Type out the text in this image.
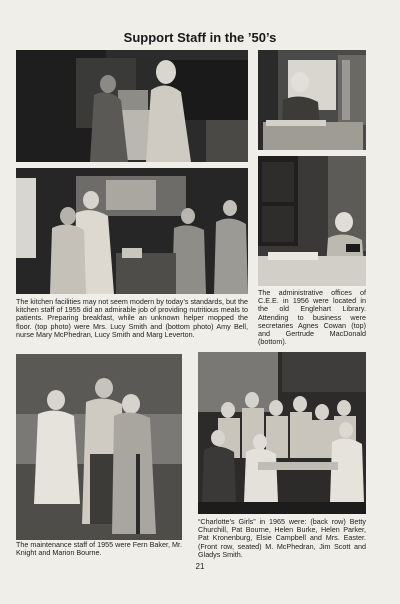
Support Staff in the ’50’s
The kitchen facilities may not seem modern by today’s standards, but the kitchen staff of 1955 did an admirable job of providing nutritious meals to patients. Preparing breakfast, while an unknown helper mopped the floor. (top photo) were Mrs. Lucy Smith and (bottom photo) Amy Bell, nurse Mary McPhedran, Lucy Smith and Marg Leverton.
The administrative offices of C.E.E. in 1956 were located in the old Englehart Library. Attending to business were secretaries Agnes Cowan (top) and Gertrude MacDonald (bottom).
The maintenance staff of 1955 were Fern Baker, Mr. Knight and Marion Bourne.
“Charlotte’s Girls” in 1965 were: (back row) Betty Churchill, Pat Bourne, Helen Burke, Helen Parker, Pat Kronenburg, Elsie Campbell and Mrs. Easter. (Front row, seated) M. McPhedran, Jim Scott and Gladys Smith.
21
